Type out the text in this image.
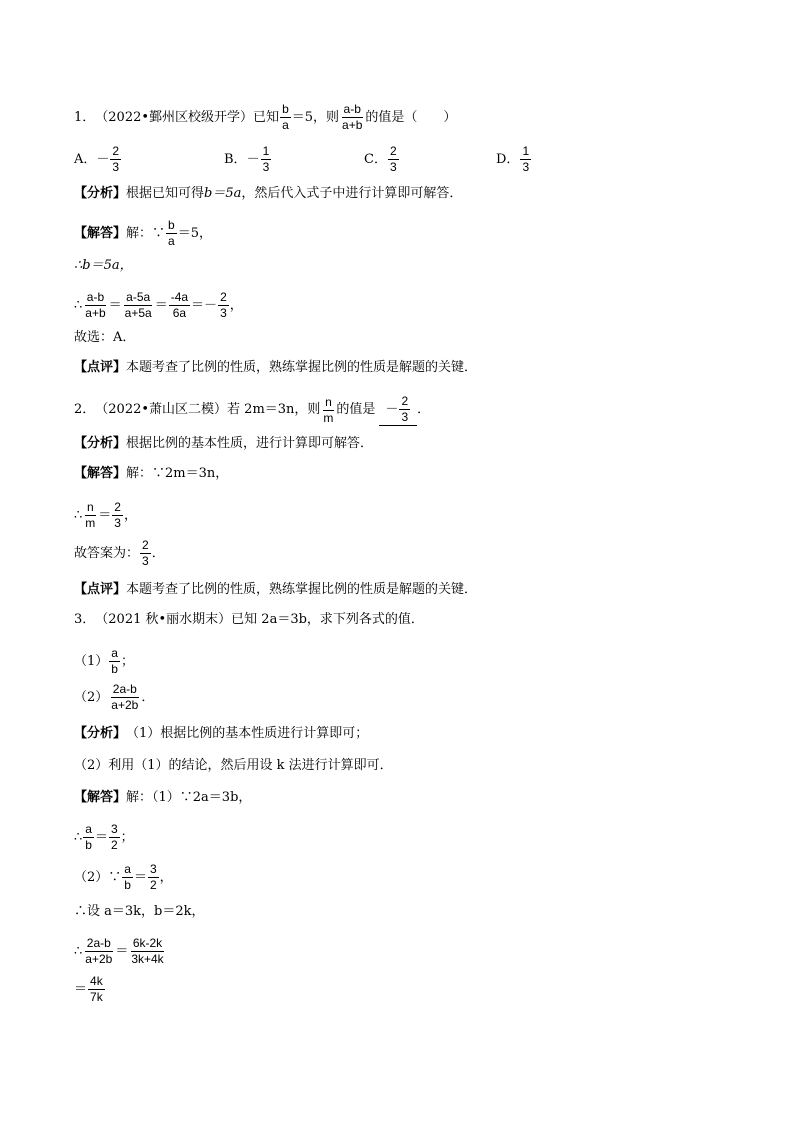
1． （2022•鄞州区校级开学） 已知 $\frac{b}{a} =5$，则 $\frac{a-b}{a+b}$ 的值是（　　）
A． － $\frac{2}{3}$	B． － $\frac{1}{3}$	C． $\frac{2}{3}$	D． $\frac{1}{3}$
【分析】 根据已知可得 b＝5a ，然后代入式子中进行计算即可解答．
【解答】 解：∵ $\frac{b}{a} =5$，
∴b＝5a，
∴ $\frac{a-b}{a+b} = \frac{a-5a}{a+5a} = \frac{-4a}{6a} =- \frac{2}{3}$ ，
故选：A．
【点评】 本题考查了比例的性质，熟练掌握比例的性质是解题的关键．
2． （2022•萧山区二模） 若 2m＝3n，则 $\frac{n}{m}$ 的值是 － $\frac{2}{3}$ ．
【分析】 根据比例的基本性质，进行计算即可解答．
【解答】 解：∵2m＝3n，
∴ $\frac{n}{m} = \frac{2}{3}$ ，
故答案为： $\frac{2}{3}$ ．
【点评】 本题考查了比例的性质，熟练掌握比例的性质是解题的关键．
3． （2021 秋•丽水期末） 已知 2a＝3b，求下列各式的值．
$(1) \frac{a}{b}$ ；
$(2) \frac{2a-b}{a+2b}$ ．
【分析】 （1）根据比例的基本性质进行计算即可；
（2）利用（1）的结论，然后用设 k 法进行计算即可．
【解答】 解：（1）∵2a＝3b，
∴ $\frac{a}{b} = \frac{3}{2}$ ；
（2）∵ $\frac{a}{b} = \frac{3}{2}$ ，
∴设 a＝3k，b＝2k，
∴ $\frac{2a-b}{a+2b} = \frac{6k-2k}{3k+4k}$
＝ $\frac{4k}{7k}$
